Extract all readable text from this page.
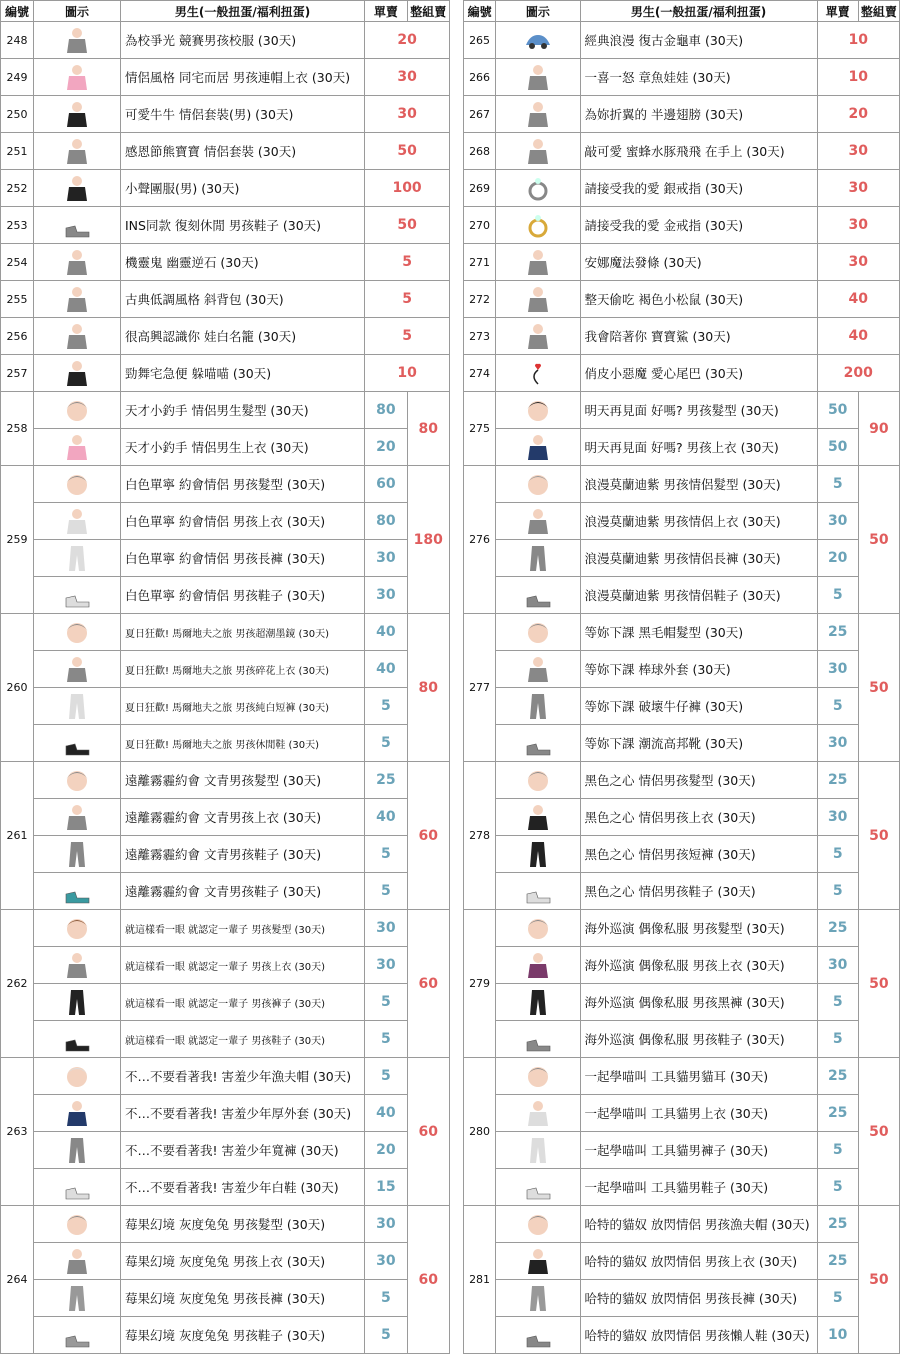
編號	圖示	男生(一般扭蛋/福利扭蛋)	單賣	整組賣
248		為校爭光 競賽男孩校服 (30天)	20	
249		情侶風格 同宅而居 男孩連帽上衣 (30天)	30	
250		可愛牛牛 情侶套裝(男) (30天)	30	
251		感恩節熊寶寶 情侶套裝 (30天)	50	
252		小聲團服(男) (30天)	100	
253		INS同款 復刻休閒 男孩鞋子 (30天)	50	
254		機靈鬼 幽靈逆石 (30天)	5	
255		古典低調風格 斜背包 (30天)	5	
256		很高興認識你 娃白名籠 (30天)	5	
257		勁舞宅急便 躲喵喵 (30天)	10	
258		天才小釣手 情侶男生髮型 (30天)	80	80
	天才小釣手 情侶男生上衣 (30天)	20	
259		白色單寧 約會情侶 男孩髮型 (30天)	60	180
	白色單寧 約會情侶 男孩上衣 (30天)	80	
	白色單寧 約會情侶 男孩長褲 (30天)	30	
	白色單寧 約會情侶 男孩鞋子 (30天)	30	
260		夏日狂歡! 馬爾地夫之旅 男孩超潮墨鏡 (30天)	40	80
	夏日狂歡! 馬爾地夫之旅 男孩碎花上衣 (30天)	40	
	夏日狂歡! 馬爾地夫之旅 男孩純白短褲 (30天)	5	
	夏日狂歡! 馬爾地夫之旅 男孩休閒鞋 (30天)	5	
261		遠離霧霾約會 文青男孩髮型 (30天)	25	60
	遠離霧霾約會 文青男孩上衣 (30天)	40	
	遠離霧霾約會 文青男孩鞋子 (30天)	5	
	遠離霧霾約會 文青男孩鞋子 (30天)	5	
262		就這樣看一眼 就認定一輩子 男孩髮型 (30天)	30	60
	就這樣看一眼 就認定一輩子 男孩上衣 (30天)	30	
	就這樣看一眼 就認定一輩子 男孩褲子 (30天)	5	
	就這樣看一眼 就認定一輩子 男孩鞋子 (30天)	5	
263		不…不要看著我! 害羞少年漁夫帽 (30天)	5	60
	不…不要看著我! 害羞少年厚外套 (30天)	40	
	不…不要看著我! 害羞少年寬褲 (30天)	20	
	不…不要看著我! 害羞少年白鞋 (30天)	15	
264		莓果幻境 灰度兔兔 男孩髮型 (30天)	30	60
	莓果幻境 灰度兔兔 男孩上衣 (30天)	30	
	莓果幻境 灰度兔兔 男孩長褲 (30天)	5	
	莓果幻境 灰度兔兔 男孩鞋子 (30天)	5	
編號	圖示	男生(一般扭蛋/福利扭蛋)	單賣	整組賣
265		經典浪漫 復古金龜車 (30天)	10	
266		一喜一怒 章魚娃娃 (30天)	10	
267		為妳折翼的 半邊翅膀 (30天)	20	
268		敲可愛 蜜蜂水豚飛飛 在手上 (30天)	30	
269		請接受我的愛 銀戒指 (30天)	30	
270		請接受我的愛 金戒指 (30天)	30	
271		安娜魔法發條 (30天)	30	
272		整天偷吃 褐色小松鼠 (30天)	40	
273		我會陪著你 寶寶鯊 (30天)	40	
274		俏皮小惡魔 愛心尾巴 (30天)	200	
275		明天再見面 好嗎? 男孩髮型 (30天)	50	90
	明天再見面 好嗎? 男孩上衣 (30天)	50	
276		浪漫莫蘭迪紫 男孩情侶髮型 (30天)	5	50
	浪漫莫蘭迪紫 男孩情侶上衣 (30天)	30	
	浪漫莫蘭迪紫 男孩情侶長褲 (30天)	20	
	浪漫莫蘭迪紫 男孩情侶鞋子 (30天)	5	
277		等妳下課 黑毛帽髮型 (30天)	25	50
	等妳下課 棒球外套 (30天)	30	
	等妳下課 破壞牛仔褲 (30天)	5	
	等妳下課 潮流高邦靴 (30天)	30	
278		黑色之心 情侶男孩髮型 (30天)	25	50
	黑色之心 情侶男孩上衣 (30天)	30	
	黑色之心 情侶男孩短褲 (30天)	5	
	黑色之心 情侶男孩鞋子 (30天)	5	
279		海外巡演 偶像私服 男孩髮型 (30天)	25	50
	海外巡演 偶像私服 男孩上衣 (30天)	30	
	海外巡演 偶像私服 男孩黑褲 (30天)	5	
	海外巡演 偶像私服 男孩鞋子 (30天)	5	
280		一起學喵叫 工具貓男貓耳 (30天)	25	50
	一起學喵叫 工具貓男上衣 (30天)	25	
	一起學喵叫 工具貓男褲子 (30天)	5	
	一起學喵叫 工具貓男鞋子 (30天)	5	
281		哈特的貓奴 放閃情侶 男孩漁夫帽 (30天)	25	50
	哈特的貓奴 放閃情侶 男孩上衣 (30天)	25	
	哈特的貓奴 放閃情侶 男孩長褲 (30天)	5	
	哈特的貓奴 放閃情侶 男孩懶人鞋 (30天)	10	
